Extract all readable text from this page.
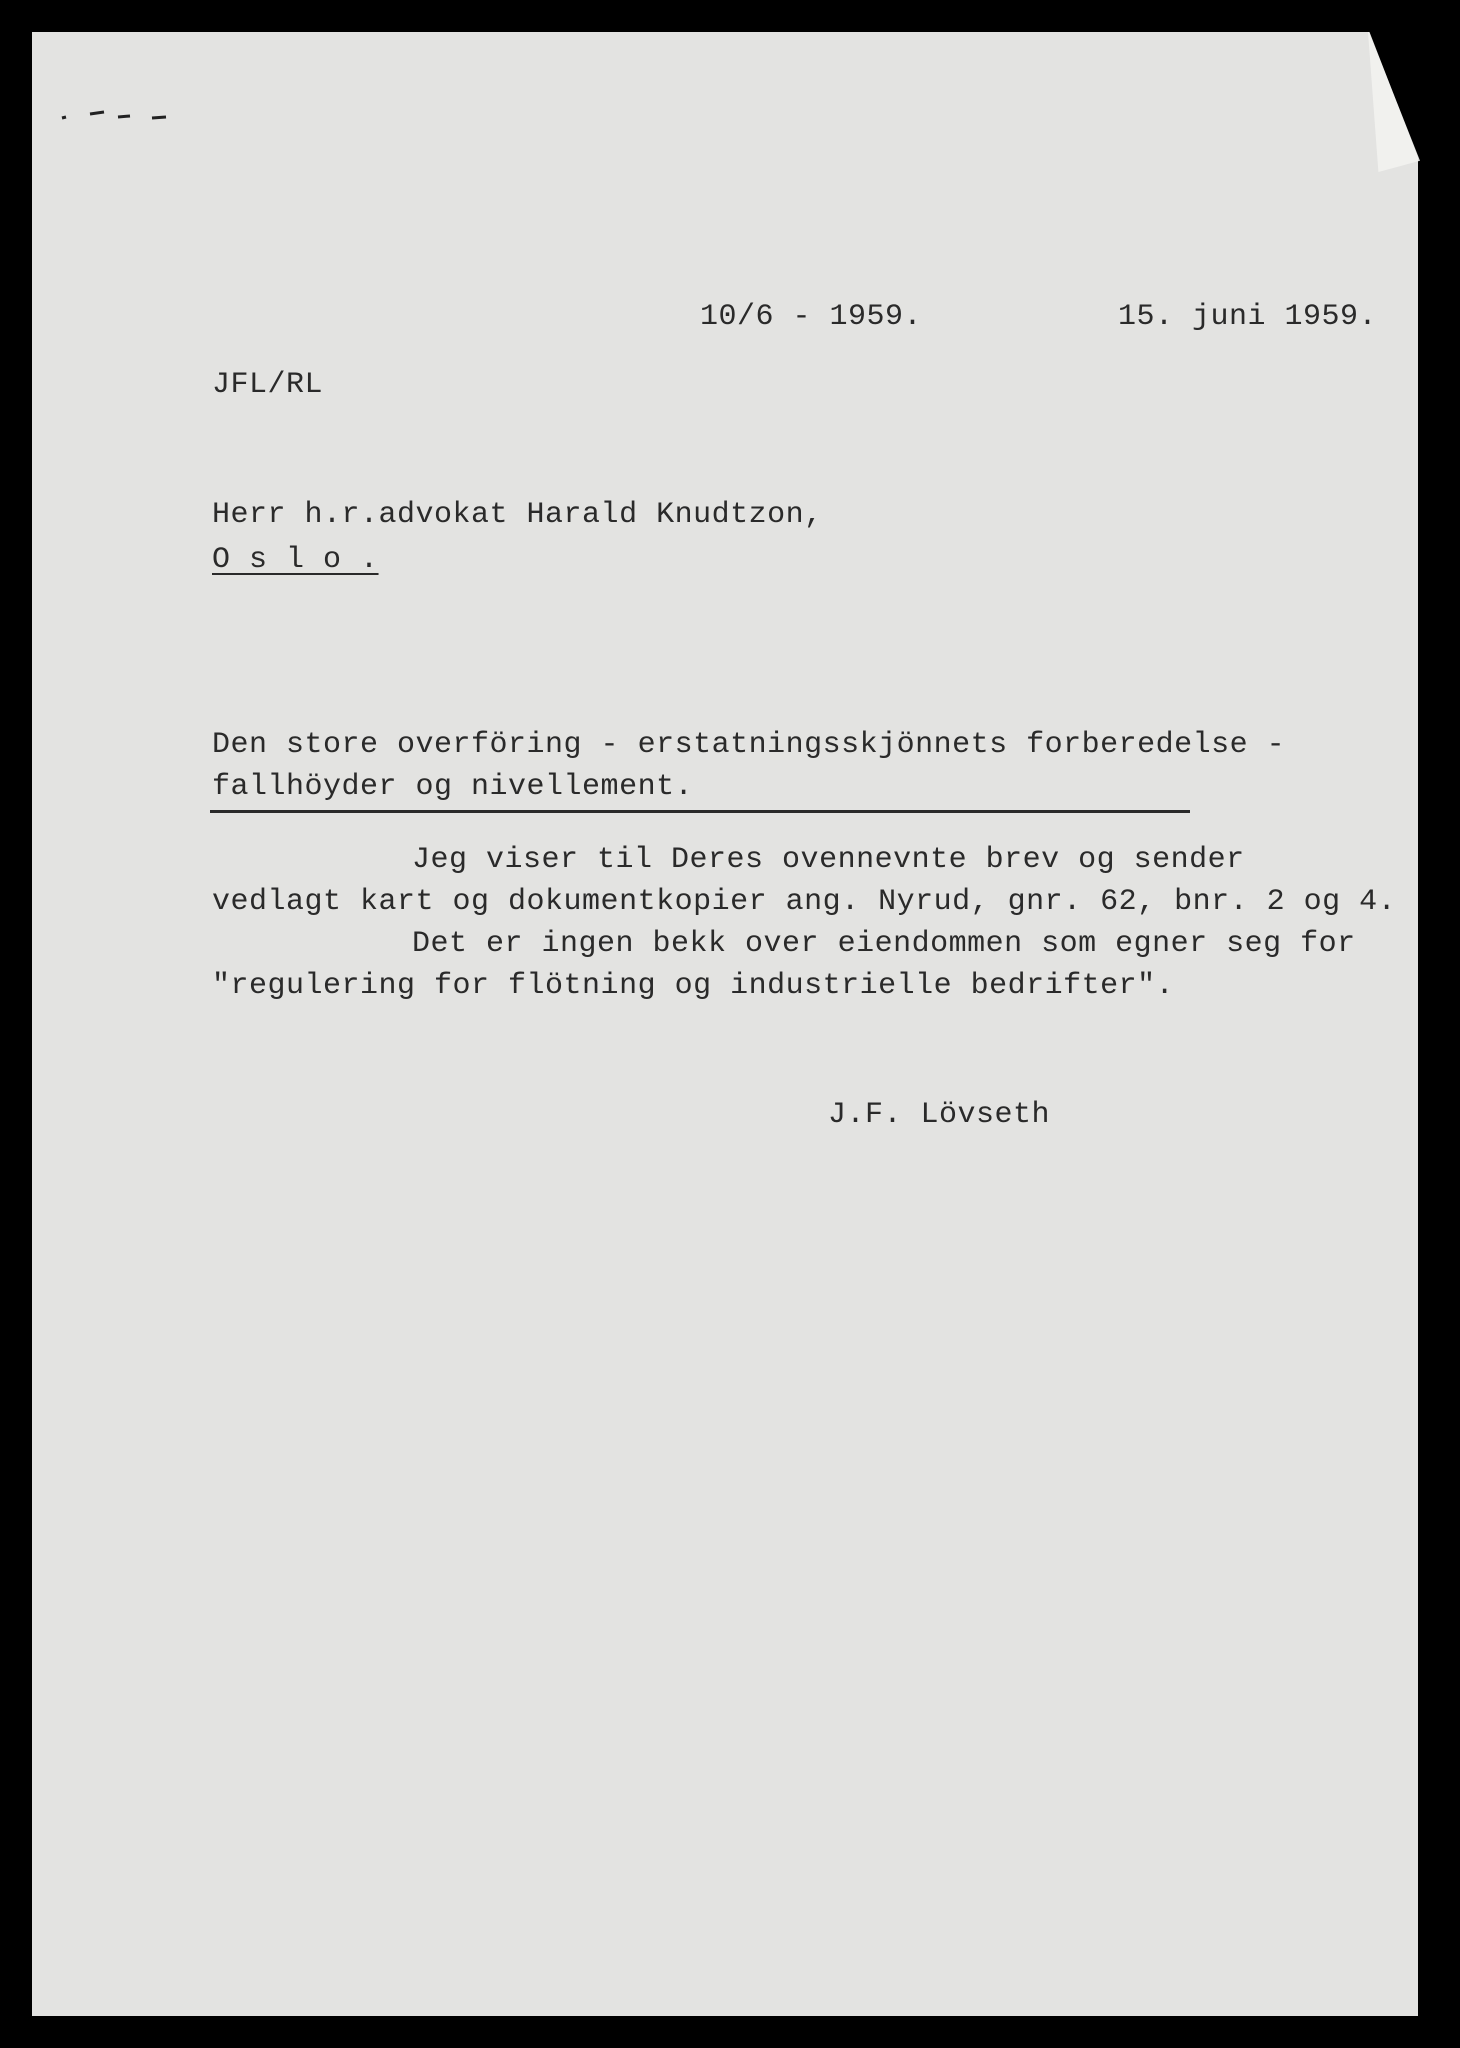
10/6 - 1959.	15. juni 1959.
JFL/RL
Herr h.r.advokat Harald Knudtzon,
O s l o .
Den store overföring - erstatningsskjönnets forberedelse -
fallhöyder og nivellement.
Jeg viser til Deres ovennevnte brev og sender
vedlagt kart og dokumentkopier ang. Nyrud, gnr. 62, bnr. 2 og 4.
Det er ingen bekk over eiendommen som egner seg for
"regulering for flötning og industrielle bedrifter".
J.F. Lövseth
